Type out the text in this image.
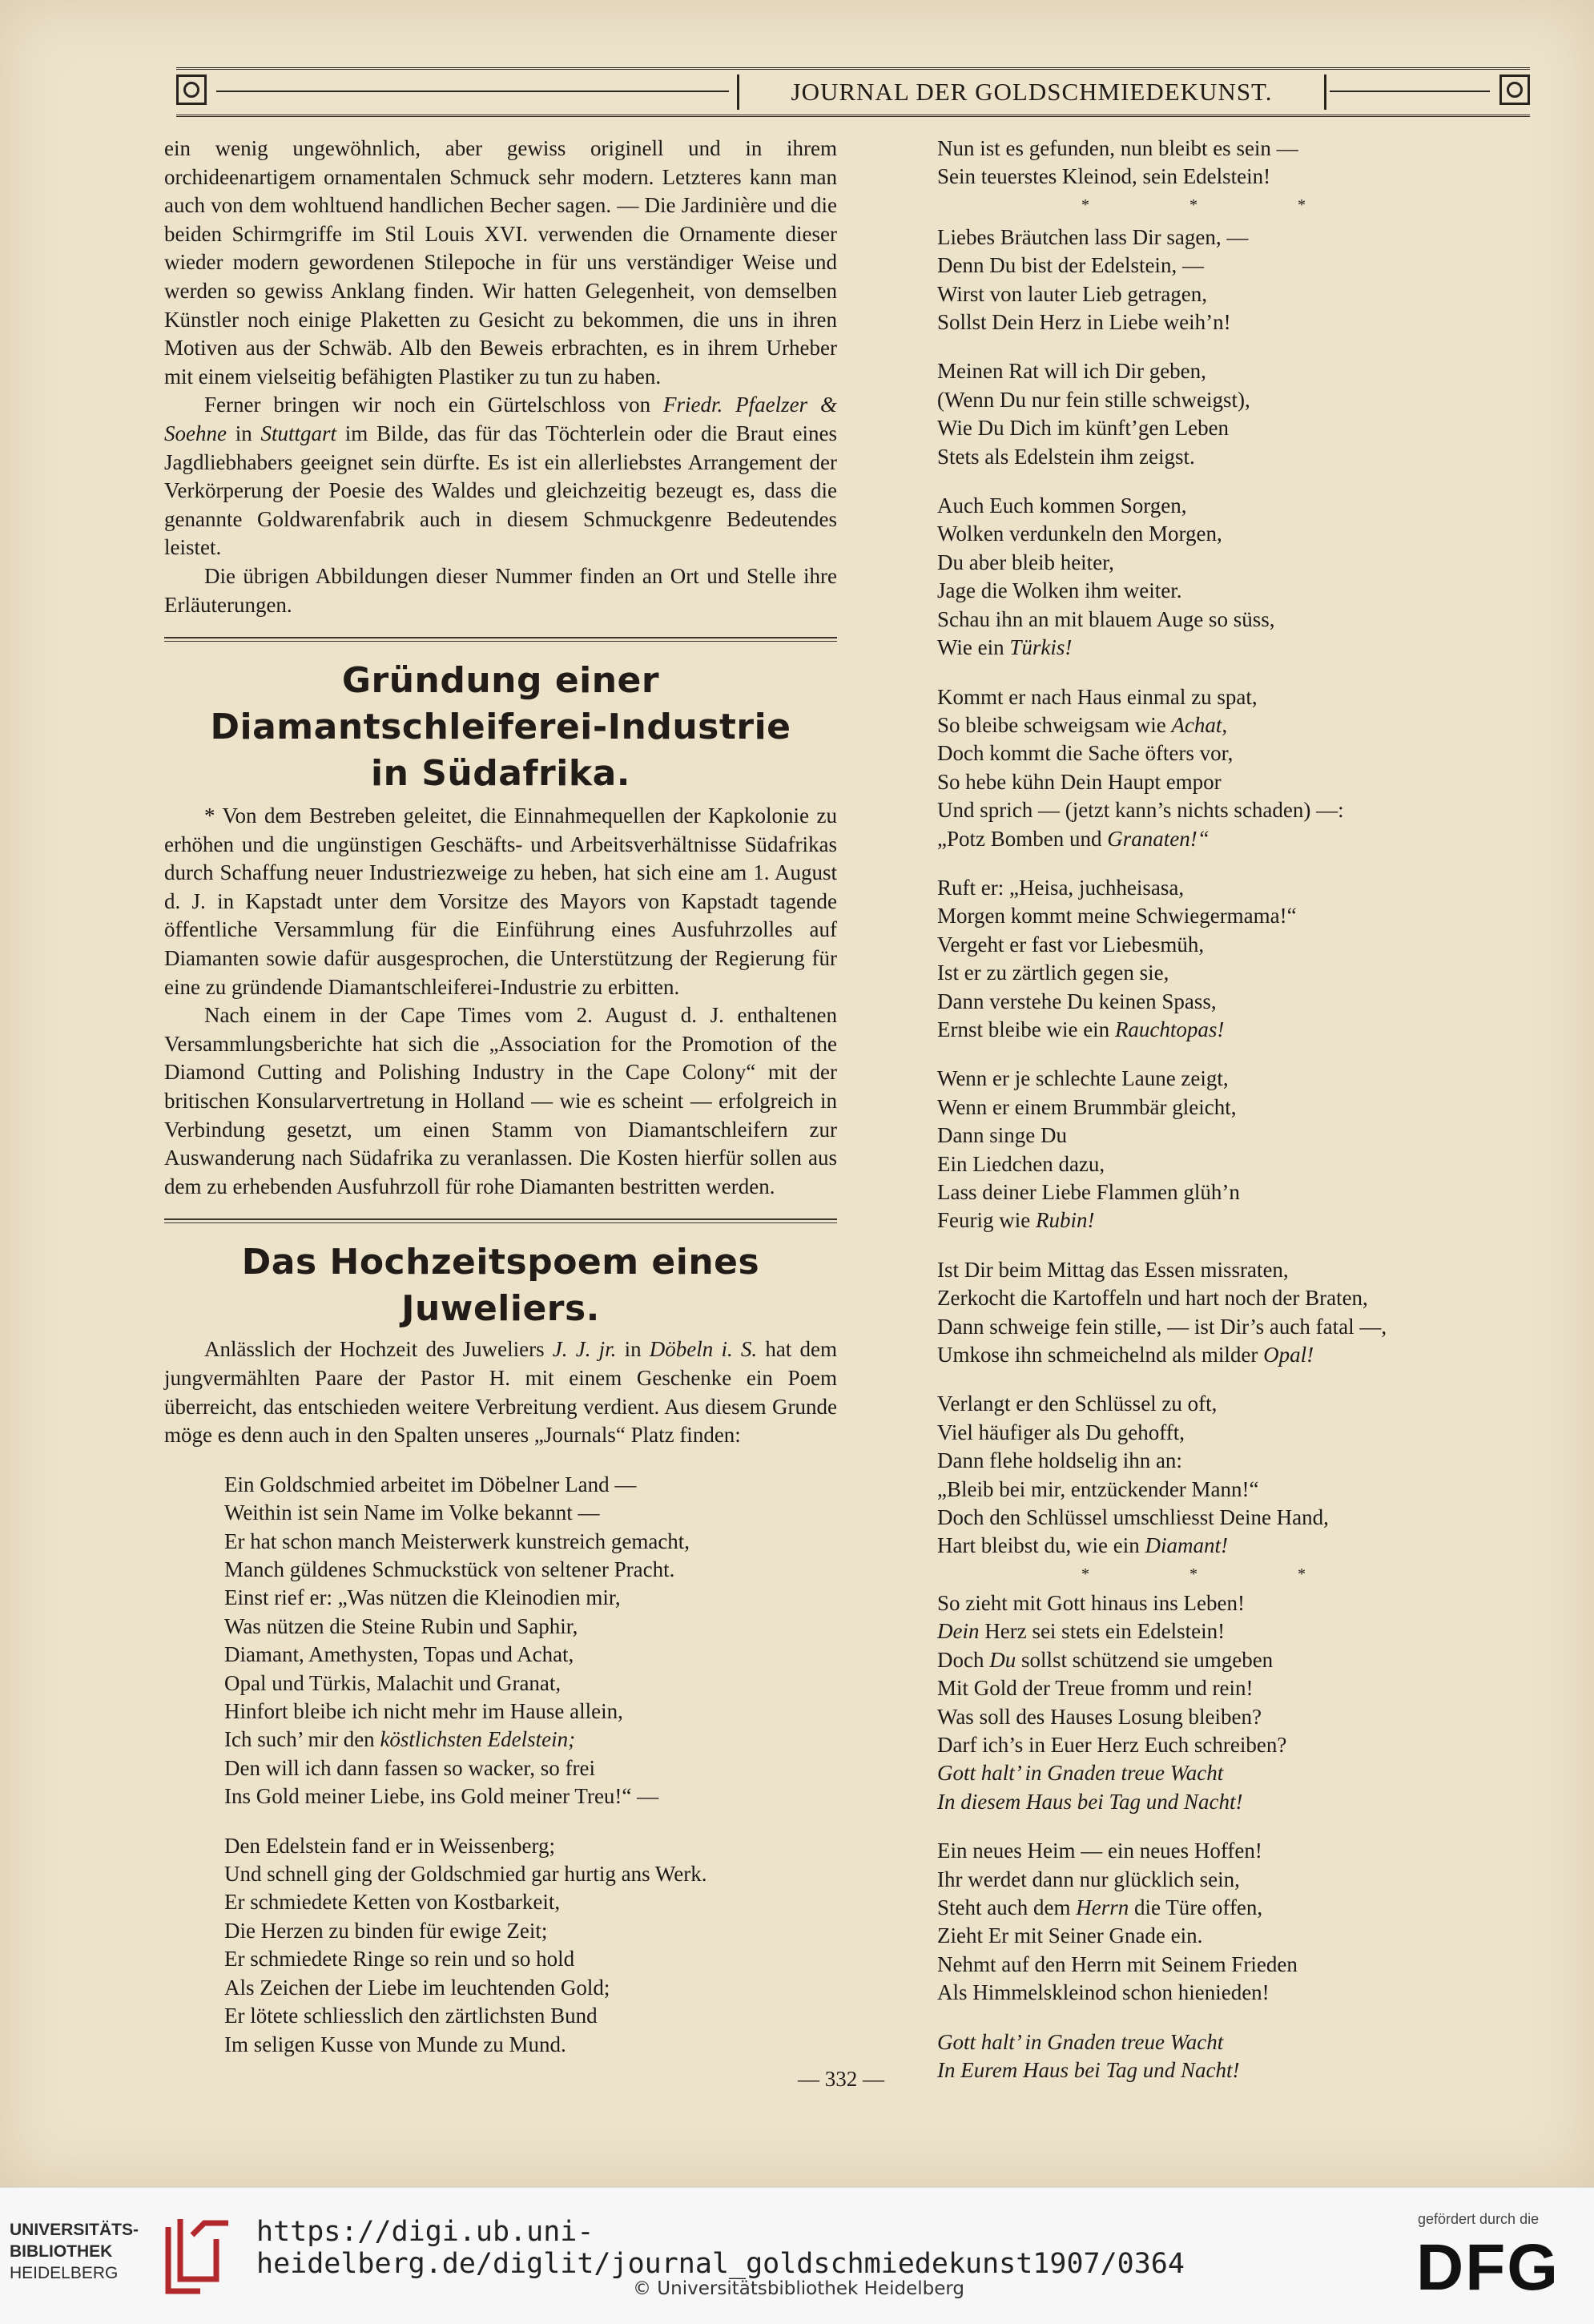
JOURNAL DER GOLDSCHMIEDEKUNST.

ein wenig ungewöhnlich, aber gewiss originell und in ihrem orchideenartigem ornamentalen Schmuck sehr modern. Letzteres kann man auch von dem wohltuend handlichen Becher sagen. — Die Jardinière und die beiden Schirmgriffe im Stil Louis XVI. verwenden die Ornamente dieser wieder modern gewordenen Stilepoche in für uns verständiger Weise und werden so gewiss Anklang finden. Wir hatten Gelegenheit, von demselben Künstler noch einige Plaketten zu Gesicht zu bekommen, die uns in ihren Motiven aus der Schwäb. Alb den Beweis erbrachten, es in ihrem Urheber mit einem vielseitig befähigten Plastiker zu tun zu haben.

Ferner bringen wir noch ein Gürtelschloss von Friedr. Pfaelzer & Soehne in Stuttgart im Bilde, das für das Töchterlein oder die Braut eines Jagdliebhabers geeignet sein dürfte. Es ist ein allerliebstes Arrangement der Verkörperung der Poesie des Waldes und gleichzeitig bezeugt es, dass die genannte Goldwarenfabrik auch in diesem Schmuckgenre Bedeutendes leistet.

Die übrigen Abbildungen dieser Nummer finden an Ort und Stelle ihre Erläuterungen.

Gründung einer Diamantschleiferei-Industrie
in Südafrika.

* Von dem Bestreben geleitet, die Einnahmequellen der Kapkolonie zu erhöhen und die ungünstigen Geschäfts- und Arbeitsverhältnisse Südafrikas durch Schaffung neuer Industriezweige zu heben, hat sich eine am 1. August d. J. in Kapstadt unter dem Vorsitze des Mayors von Kapstadt tagende öffentliche Versammlung für die Einführung eines Ausfuhrzolles auf Diamanten sowie dafür ausgesprochen, die Unterstützung der Regierung für eine zu gründende Diamantschleiferei-Industrie zu erbitten.

Nach einem in der Cape Times vom 2. August d. J. enthaltenen Versammlungsberichte hat sich die „Association for the Promotion of the Diamond Cutting and Polishing Industry in the Cape Colony“ mit der britischen Konsularvertretung in Holland — wie es scheint — erfolgreich in Verbindung gesetzt, um einen Stamm von Diamantschleifern zur Auswanderung nach Südafrika zu veranlassen. Die Kosten hierfür sollen aus dem zu erhebenden Ausfuhrzoll für rohe Diamanten bestritten werden.

Das Hochzeitspoem eines Juweliers.

Anlässlich der Hochzeit des Juweliers J. J. jr. in Döbeln i. S. hat dem jungvermählten Paare der Pastor H. mit einem Geschenke ein Poem überreicht, das entschieden weitere Verbreitung verdient. Aus diesem Grunde möge es denn auch in den Spalten unseres „Journals“ Platz finden:

Ein Goldschmied arbeitet im Döbelner Land —
Weithin ist sein Name im Volke bekannt —
Er hat schon manch Meisterwerk kunstreich gemacht,
Manch güldenes Schmuckstück von seltener Pracht.
Einst rief er: „Was nützen die Kleinodien mir,
Was nützen die Steine Rubin und Saphir,
Diamant, Amethysten, Topas und Achat,
Opal und Türkis, Malachit und Granat,
Hinfort bleibe ich nicht mehr im Hause allein,
Ich such’ mir den köstlichsten Edelstein;
Den will ich dann fassen so wacker, so frei
Ins Gold meiner Liebe, ins Gold meiner Treu!“ —
Den Edelstein fand er in Weissenberg;
Und schnell ging der Goldschmied gar hurtig ans Werk.
Er schmiedete Ketten von Kostbarkeit,
Die Herzen zu binden für ewige Zeit;
Er schmiedete Ringe so rein und so hold
Als Zeichen der Liebe im leuchtenden Gold;
Er lötete schliesslich den zärtlichsten Bund
Im seligen Kusse von Munde zu Mund.
Nun ist es gefunden, nun bleibt es sein —
Sein teuerstes Kleinod, sein Edelstein!

* * *

Liebes Bräutchen lass Dir sagen, —
Denn Du bist der Edelstein, —
Wirst von lauter Lieb getragen,
Sollst Dein Herz in Liebe weih’n!
Meinen Rat will ich Dir geben,
(Wenn Du nur fein stille schweigst),
Wie Du Dich im künft’gen Leben
Stets als Edelstein ihm zeigst.
Auch Euch kommen Sorgen,
Wolken verdunkeln den Morgen,
Du aber bleib heiter,
Jage die Wolken ihm weiter.
Schau ihn an mit blauem Auge so süss,
Wie ein Türkis!
Kommt er nach Haus einmal zu spat,
So bleibe schweigsam wie Achat,
Doch kommt die Sache öfters vor,
So hebe kühn Dein Haupt empor
Und sprich — (jetzt kann’s nichts schaden) —:
„Potz Bomben und Granaten!“
Ruft er: „Heisa, juchheisasa,
Morgen kommt meine Schwiegermama!“
Vergeht er fast vor Liebesmüh,
Ist er zu zärtlich gegen sie,
Dann verstehe Du keinen Spass,
Ernst bleibe wie ein Rauchtopas!
Wenn er je schlechte Laune zeigt,
Wenn er einem Brummbär gleicht,
Dann singe Du
Ein Liedchen dazu,
Lass deiner Liebe Flammen glüh’n
Feurig wie Rubin!
Ist Dir beim Mittag das Essen missraten,
Zerkocht die Kartoffeln und hart noch der Braten,
Dann schweige fein stille, — ist Dir’s auch fatal —,
Umkose ihn schmeichelnd als milder Opal!
Verlangt er den Schlüssel zu oft,
Viel häufiger als Du gehofft,
Dann flehe holdselig ihn an:
„Bleib bei mir, entzückender Mann!“
Doch den Schlüssel umschliesst Deine Hand,
Hart bleibst du, wie ein Diamant!

* * *

So zieht mit Gott hinaus ins Leben!
Dein Herz sei stets ein Edelstein!
Doch Du sollst schützend sie umgeben
Mit Gold der Treue fromm und rein!
Was soll des Hauses Losung bleiben?
Darf ich’s in Euer Herz Euch schreiben?
Gott halt’ in Gnaden treue Wacht
In diesem Haus bei Tag und Nacht!
Ein neues Heim — ein neues Hoffen!
Ihr werdet dann nur glücklich sein,
Steht auch dem Herrn die Türe offen,
Zieht Er mit Seiner Gnade ein.
Nehmt auf den Herrn mit Seinem Frieden
Als Himmelskleinod schon hienieden!
Gott halt’ in Gnaden treue Wacht
In Eurem Haus bei Tag und Nacht!
— 332 —
UNIVERSITÄTS-
BIBLIOTHEK
HEIDELBERG
https://digi.ub.uni-heidelberg.de/diglit/journal_goldschmiedekunst1907/0364
© Universitätsbibliothek Heidelberg
gefördert durch die
DFG
